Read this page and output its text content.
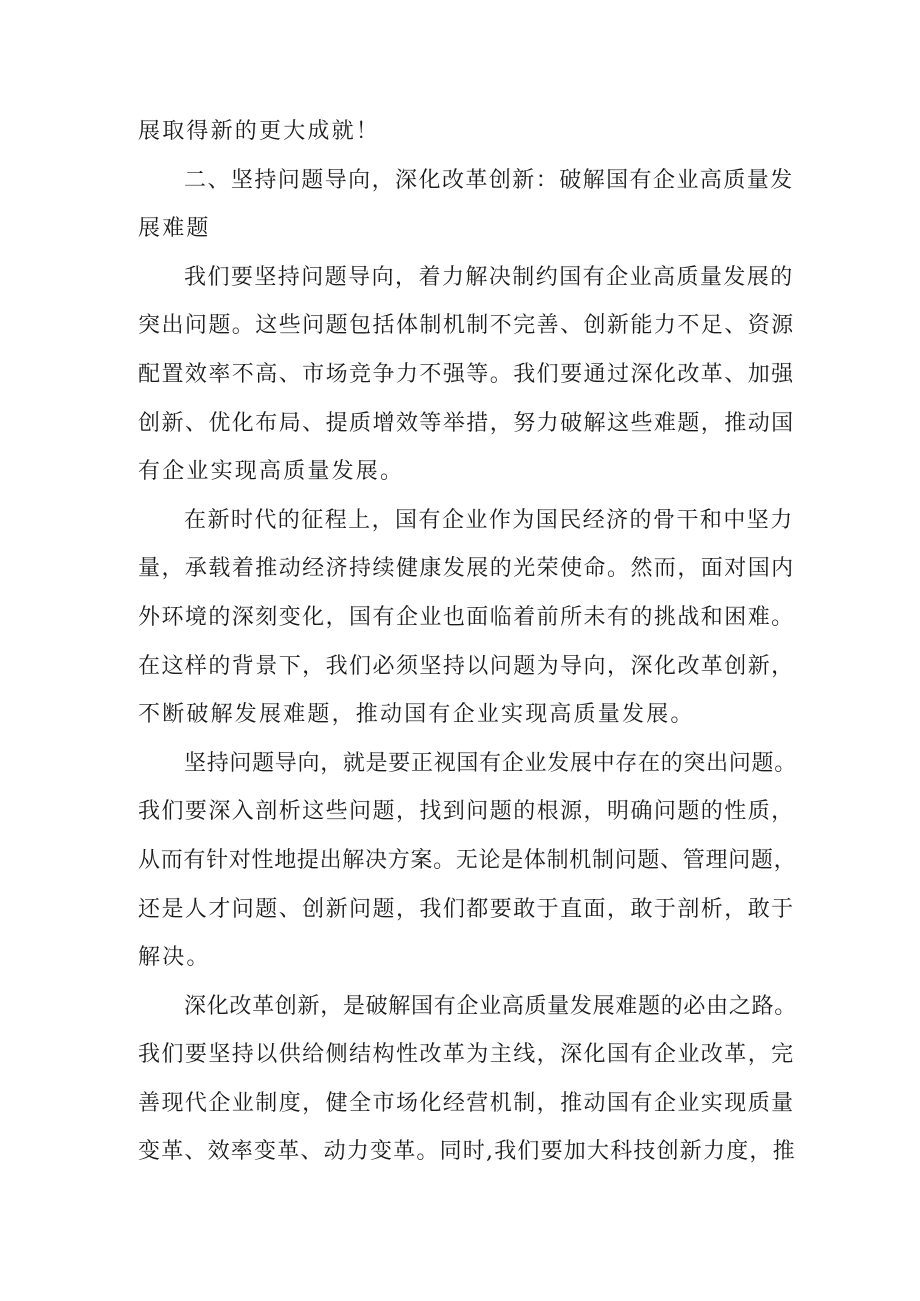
展取得新的更大成就！
二、坚持问题导向，深化改革创新：破解国有企业高质量发
展难题
我们要坚持问题导向，着力解决制约国有企业高质量发展的
突出问题。这些问题包括体制机制不完善、创新能力不足、资源
配置效率不高、市场竞争力不强等。我们要通过深化改革、加强
创新、优化布局、提质增效等举措，努力破解这些难题，推动国
有企业实现高质量发展。
在新时代的征程上，国有企业作为国民经济的骨干和中坚力
量，承载着推动经济持续健康发展的光荣使命。然而，面对国内
外环境的深刻变化，国有企业也面临着前所未有的挑战和困难。
在这样的背景下，我们必须坚持以问题为导向，深化改革创新，
不断破解发展难题，推动国有企业实现高质量发展。
坚持问题导向，就是要正视国有企业发展中存在的突出问题。
我们要深入剖析这些问题，找到问题的根源，明确问题的性质，
从而有针对性地提出解决方案。无论是体制机制问题、管理问题，
还是人才问题、创新问题，我们都要敢于直面，敢于剖析，敢于
解决。
深化改革创新，是破解国有企业高质量发展难题的必由之路。
我们要坚持以供给侧结构性改革为主线，深化国有企业改革，完
善现代企业制度，健全市场化经营机制，推动国有企业实现质量
变革、效率变革、动力变革。同时,我们要加大科技创新力度，推
